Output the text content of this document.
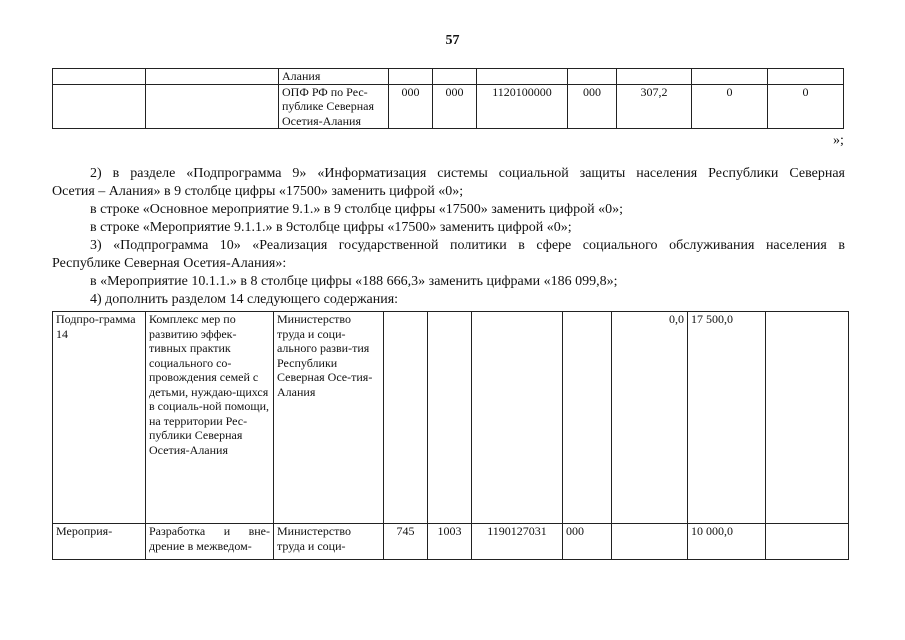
57
		Алания							
		ОПФ РФ по Рес-публике Северная Осетия-Алания	000	000	1120100000	000	307,2	0	0
»;

2) в разделе «Подпрограмма 9» «Информатизация системы социальной защиты населения Республики Северная

Осетия – Алания» в 9 столбце цифры «17500» заменить цифрой «0»;

в строке «Основное мероприятие 9.1.» в 9 столбце цифры «17500» заменить цифрой «0»;

в строке «Мероприятие 9.1.1.» в 9столбце цифры «17500» заменить цифрой «0»;

3) «Подпрограмма 10» «Реализация государственной политики в сфере социального обслуживания населения в

Республике Северная Осетия-Алания»:

в «Мероприятие 10.1.1.» в 8 столбце цифры «188 666,3» заменить цифрами «186 099,8»;

4) дополнить разделом 14 следующего содержания:

Подпро-грамма 14	Комплекс мер по развитию эффек-тивных практик социального со-провождения семей с детьми, нуждаю-щихся в социаль-ной помощи, на территории Рес-публики Северная Осетия-Алания	Министерство труда и соци-ального разви-тия Республики Северная Осе-тия-Алания					0,0	17 500,0	
Мероприя-	Разработка и вне-дрение в межведом-	Министерство труда и соци-	745	1003	1190127031	000		10 000,0	
